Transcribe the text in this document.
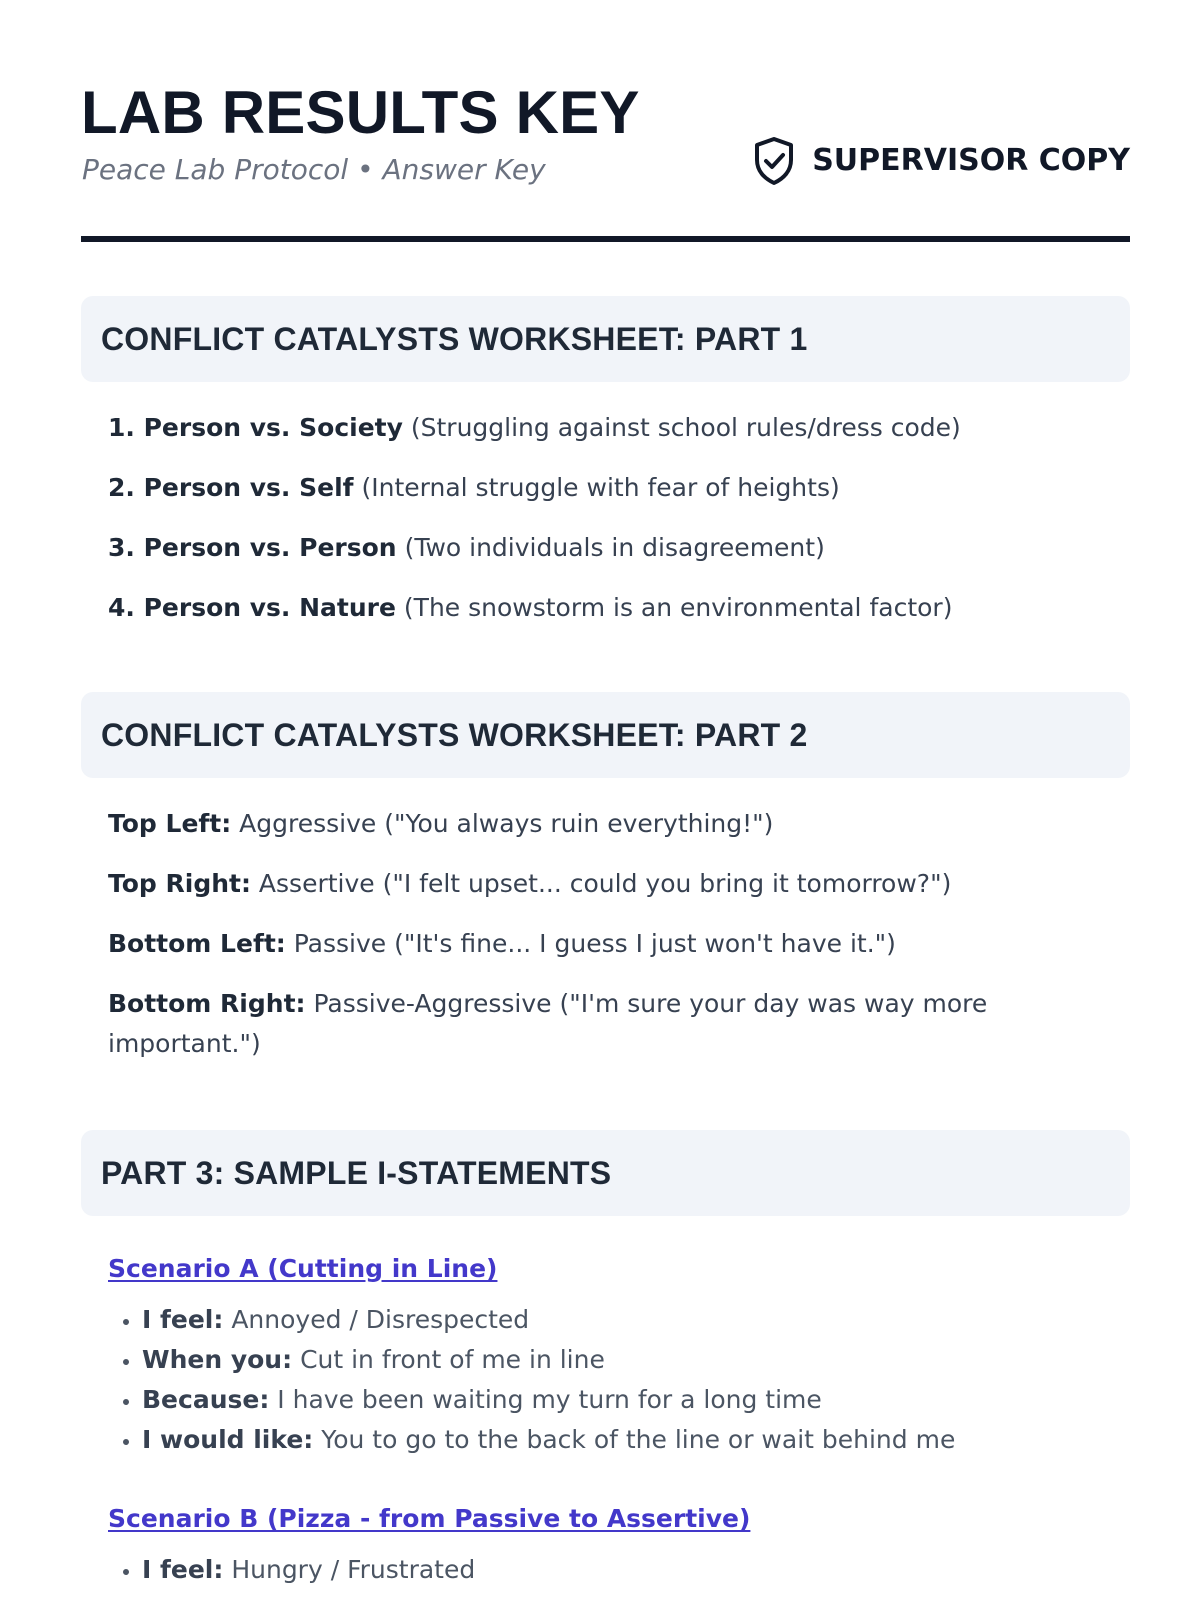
LAB RESULTS KEY
Peace Lab Protocol • Answer Key	SUPERVISOR COPY
CONFLICT CATALYSTS WORKSHEET: PART 1
1. Person vs. Society (Struggling against school rules/dress code)
2. Person vs. Self (Internal struggle with fear of heights)
3. Person vs. Person (Two individuals in disagreement)
4. Person vs. Nature (The snowstorm is an environmental factor)
CONFLICT CATALYSTS WORKSHEET: PART 2
Top Left: Aggressive ("You always ruin everything!")
Top Right: Assertive ("I felt upset... could you bring it tomorrow?")
Bottom Left: Passive ("It's fine... I guess I just won't have it.")
Bottom Right: Passive-Aggressive ("I'm sure your day was way more important.")
PART 3: SAMPLE I-STATEMENTS
Scenario A (Cutting in Line)
• I feel: Annoyed / Disrespected
• When you: Cut in front of me in line
• Because: I have been waiting my turn for a long time
• I would like: You to go to the back of the line or wait behind me
Scenario B (Pizza - from Passive to Assertive)
• I feel: Hungry / Frustrated
